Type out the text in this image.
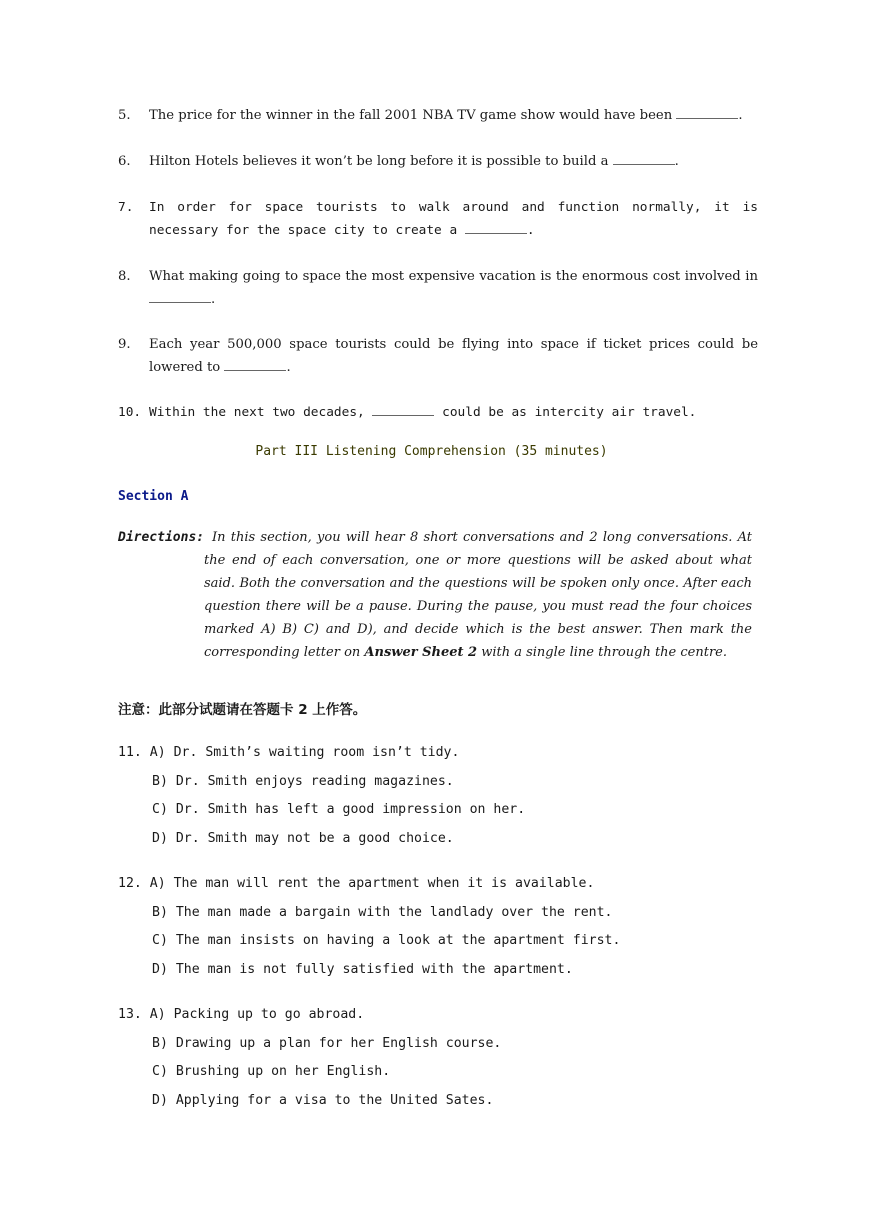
5. The price for the winner in the fall 2001 NBA TV game show would have been	.
6. Hilton Hotels believes it won’t be long before it is possible to build a	.
7. In order for space tourists to walk around and function normally, it is necessary for the space city to create a	.
8. What making going to space the most expensive vacation is the enormous cost involved in .
9. Each year 500,000 space tourists could be flying into space if ticket prices could be lowered to	.
10. Within the next two decades,	could be as intercity air travel.
Part III Listening Comprehension (35 minutes)
Section A
Directions: In this section, you will hear 8 short conversations and 2 long conversations. At the end of each conversation, one or more questions will be asked about what said. Both the conversation and the questions will be spoken only once. After each question there will be a pause. During the pause, you must read the four choices marked A) B) C) and D), and decide which is the best answer. Then mark the corresponding letter on Answer Sheet 2 with a single line through the centre.
注意：此部分试题请在答题卡 2 上作答。
11. A) Dr. Smith’s waiting room isn’t tidy.
B) Dr. Smith enjoys reading magazines.
C) Dr. Smith has left a good impression on her.
D) Dr. Smith may not be a good choice.
12. A) The man will rent the apartment when it is available.
B) The man made a bargain with the landlady over the rent.
C) The man insists on having a look at the apartment first.
D) The man is not fully satisfied with the apartment.
13. A) Packing up to go abroad.
B) Drawing up a plan for her English course.
C) Brushing up on her English.
D) Applying for a visa to the United Sates.
